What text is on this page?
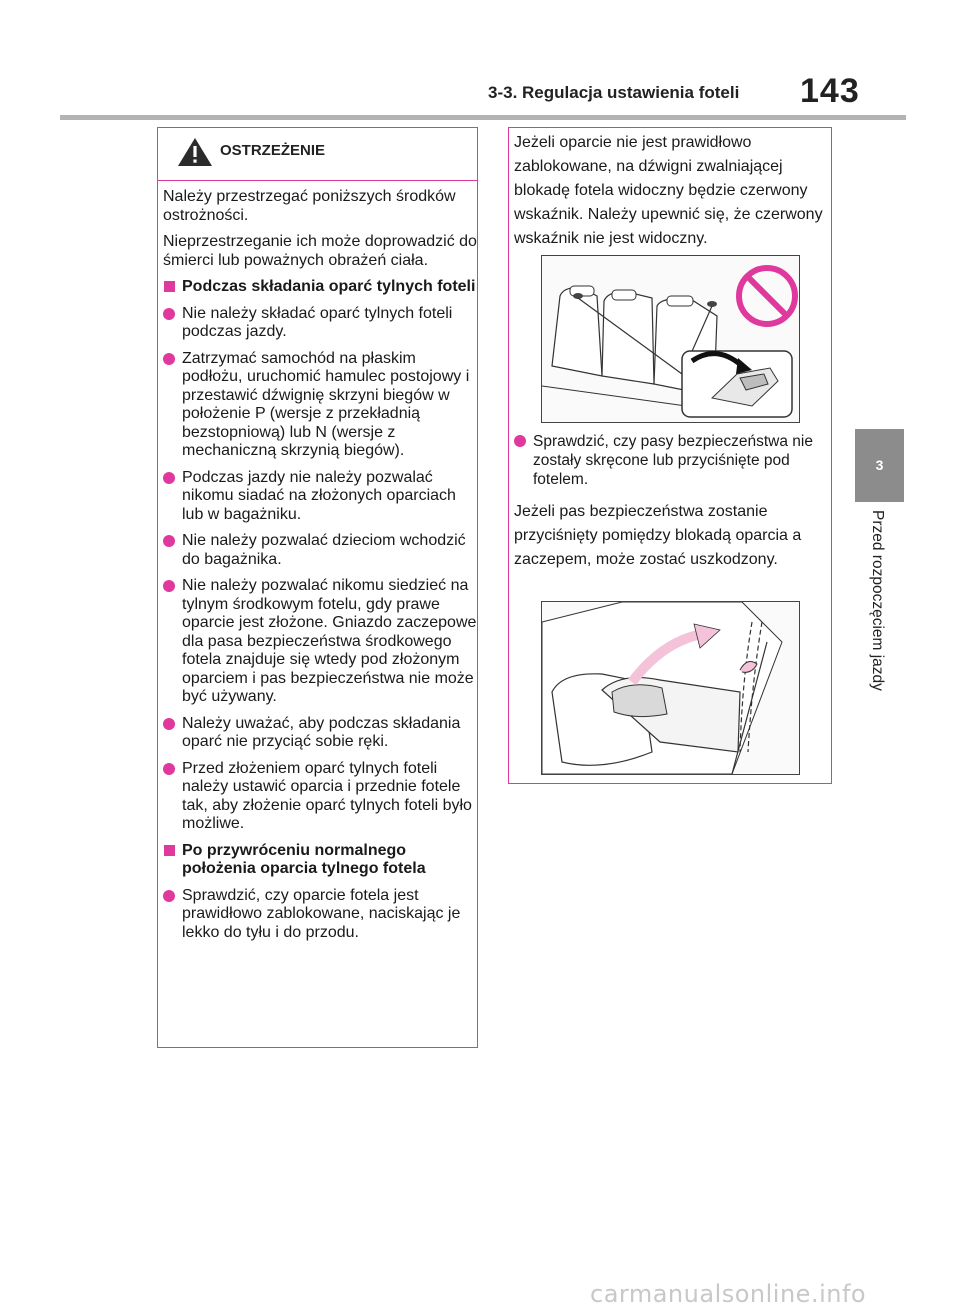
3-3. Regulacja ustawienia foteli 143
3
Przed rozpoczęciem jazdy
OSTRZEŻENIE

Należy przestrzegać poniższych środków ostrożności.

Nieprzestrzeganie ich może doprowadzić do śmierci lub poważnych obrażeń ciała.

Podczas składania oparć tylnych foteli
Nie należy składać oparć tylnych foteli podczas jazdy.
Zatrzymać samochód na płaskim podłożu, uruchomić hamulec postojowy i przestawić dźwignię skrzyni biegów w położenie P (wersje z przekładnią bezstopniową) lub N (wersje z mechaniczną skrzynią biegów).
Podczas jazdy nie należy pozwalać nikomu siadać na złożonych oparciach lub w bagażniku.
Nie należy pozwalać dzieciom wchodzić do bagażnika.
Nie należy pozwalać nikomu siedzieć na tylnym środkowym fotelu, gdy prawe oparcie jest złożone. Gniazdo zaczepowe dla pasa bezpieczeństwa środkowego fotela znajduje się wtedy pod złożonym oparciem i pas bezpieczeństwa nie może być używany.
Należy uważać, aby podczas składania oparć nie przyciąć sobie ręki.
Przed złożeniem oparć tylnych foteli należy ustawić oparcia i przednie fotele tak, aby złożenie oparć tylnych foteli było możliwe.
Po przywróceniu normalnego położenia oparcia tylnego fotela
Sprawdzić, czy oparcie fotela jest prawidłowo zablokowane, naciskając je lekko do tyłu i do przodu.

Jeżeli oparcie nie jest prawidłowo zablokowane, na dźwigni zwalniającej blokadę fotela widoczny będzie czerwony wskaźnik. Należy upewnić się, że czerwony wskaźnik nie jest widoczny.

Sprawdzić, czy pasy bezpieczeństwa nie zostały skręcone lub przyciśnięte pod fotelem.

Jeżeli pas bezpieczeństwa zostanie przyciśnięty pomiędzy blokadą oparcia a zaczepem, może zostać uszkodzony.

carmanualsonline.info
